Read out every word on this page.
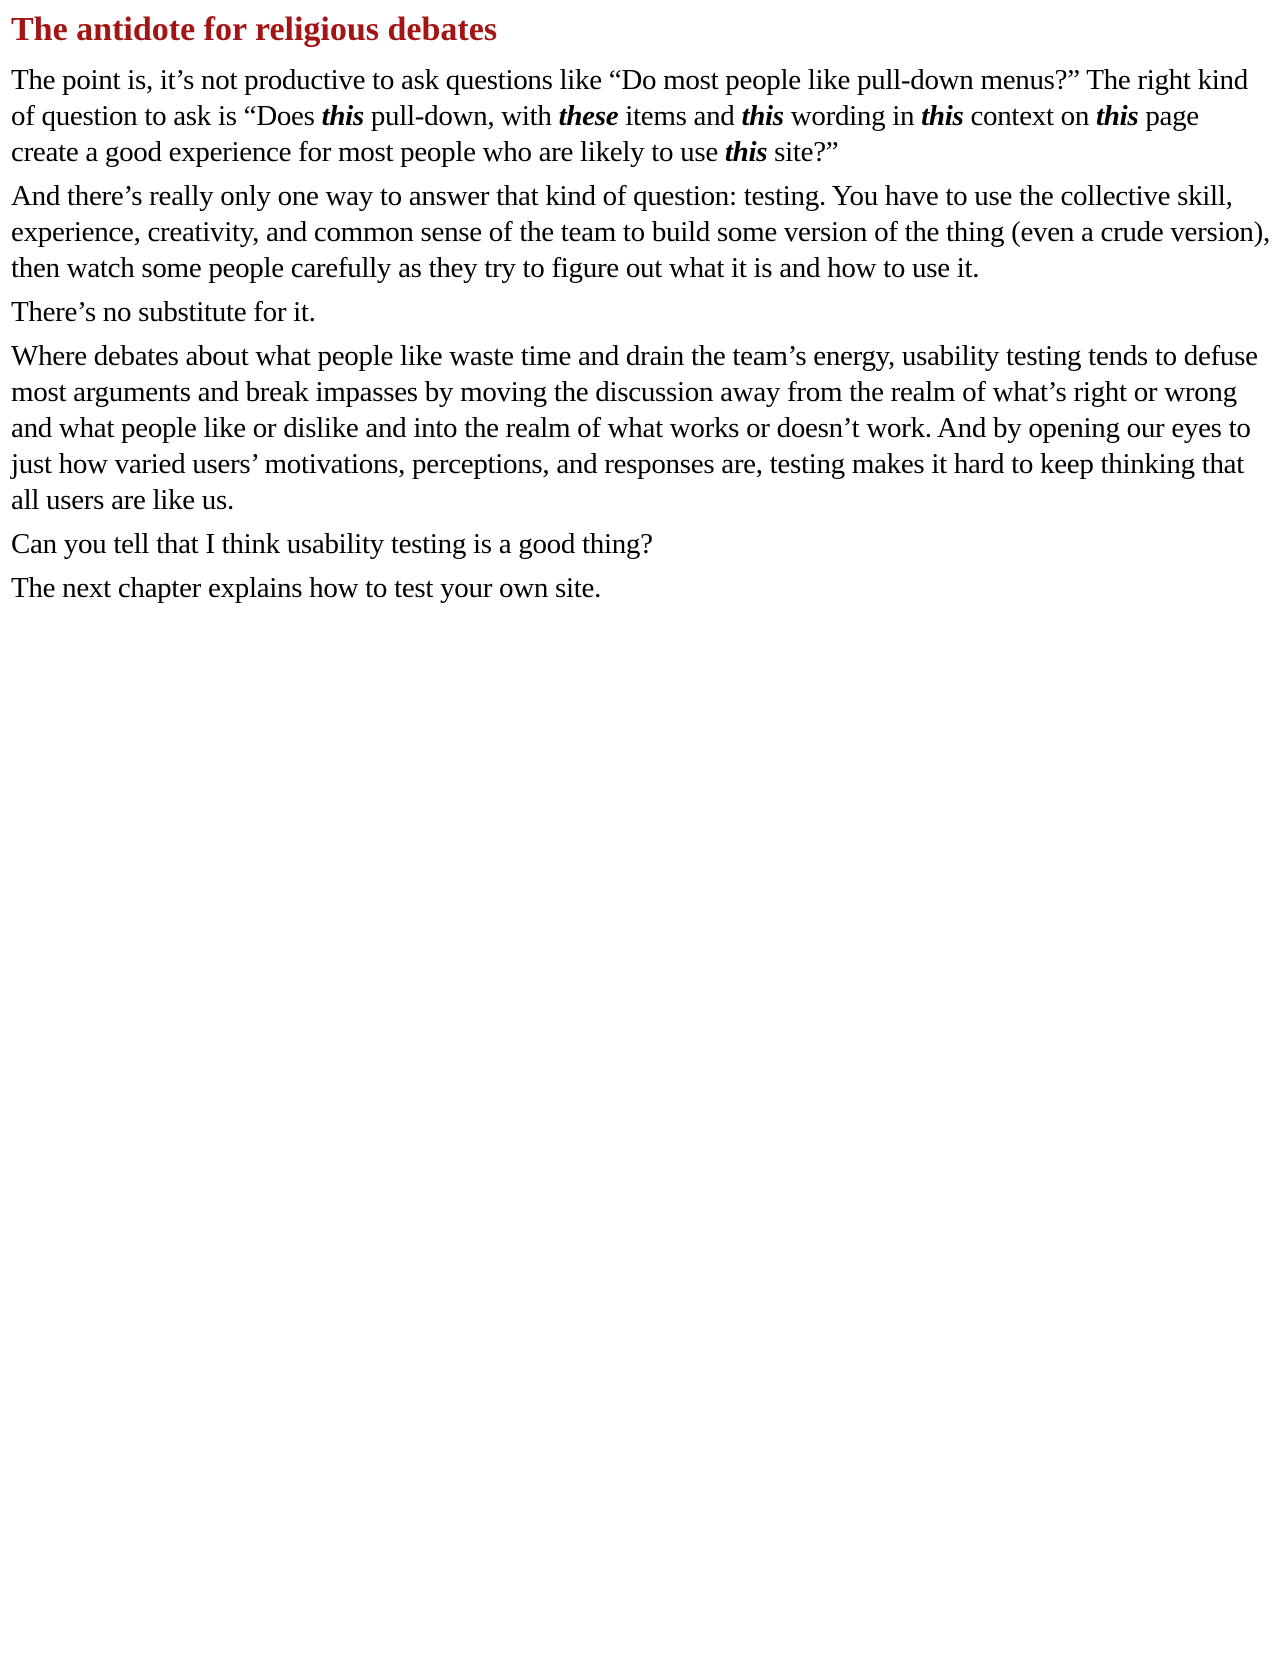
The antidote for religious debates

The point is, it’s not productive to ask questions like “Do most people like pull-down menus?” The right kind of question to ask is “Does this pull-down, with these items and this wording in this context on this page create a good experience for most people who are likely to use this site?”

And there’s really only one way to answer that kind of question: testing. You have to use the collective skill, experience, creativity, and common sense of the team to build some version of the thing (even a crude version), then watch some people carefully as they try to figure out what it is and how to use it.

There’s no substitute for it.

Where debates about what people like waste time and drain the team’s energy, usability testing tends to defuse most arguments and break impasses by moving the discussion away from the realm of what’s right or wrong and what people like or dislike and into the realm of what works or doesn’t work. And by opening our eyes to just how varied users’ motivations, perceptions, and responses are, testing makes it hard to keep thinking that all users are like us.

Can you tell that I think usability testing is a good thing?

The next chapter explains how to test your own site.
